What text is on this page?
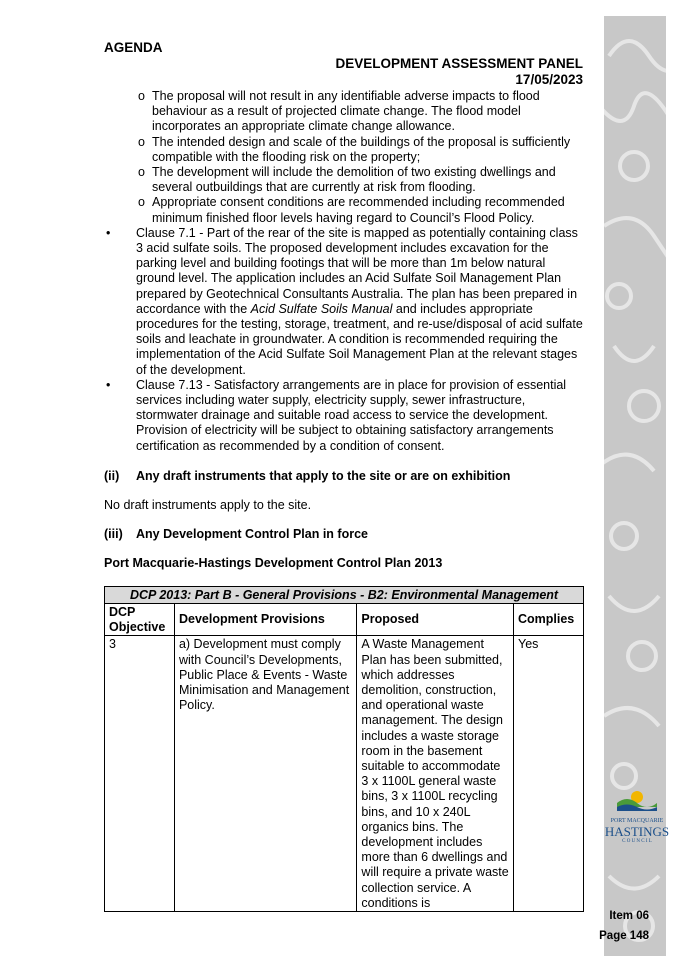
PORT MACQUARIE
HASTINGS
C O U N C I L
AGENDA
DEVELOPMENT ASSESSMENT PANEL
17/05/2023
o The proposal will not result in any identifiable adverse impacts to flood behaviour as a result of projected climate change. The flood model incorporates an appropriate climate change allowance.
o The intended design and scale of the buildings of the proposal is sufficiently compatible with the flooding risk on the property;
o The development will include the demolition of two existing dwellings and several outbuildings that are currently at risk from flooding.
o Appropriate consent conditions are recommended including recommended minimum finished floor levels having regard to Council’s Flood Policy.
• Clause 7.1 - Part of the rear of the site is mapped as potentially containing class 3 acid sulfate soils. The proposed development includes excavation for the parking level and building footings that will be more than 1m below natural ground level. The application includes an Acid Sulfate Soil Management Plan prepared by Geotechnical Consultants Australia. The plan has been prepared in accordance with the Acid Sulfate Soils Manual and includes appropriate procedures for the testing, storage, treatment, and re-use/disposal of acid sulfate soils and leachate in groundwater. A condition is recommended requiring the implementation of the Acid Sulfate Soil Management Plan at the relevant stages of the development.
• Clause 7.13 - Satisfactory arrangements are in place for provision of essential services including water supply, electricity supply, sewer infrastructure, stormwater drainage and suitable road access to service the development. Provision of electricity will be subject to obtaining satisfactory arrangements certification as recommended by a condition of consent.
(ii)	Any draft instruments that apply to the site or are on exhibition

No draft instruments apply to the site.

(iii)	Any Development Control Plan in force
Port Macquarie-Hastings Development Control Plan 2013
DCP 2013: Part B - General Provisions - B2: Environmental Management			
DCP Objective	Development Provisions	Proposed	Complies
3	a) Development must comply with Council’s Developments, Public Place & Events - Waste Minimisation and Management Policy.	A Waste Management Plan has been submitted, which addresses demolition, construction, and operational waste management. The design includes a waste storage room in the basement suitable to accommodate 3 x 1100L general waste bins, 3 x 1100L recycling bins, and 10 x 240L organics bins. The development includes more than 6 dwellings and will require a private waste collection service. A conditions is	Yes
Item 06
Page 148
